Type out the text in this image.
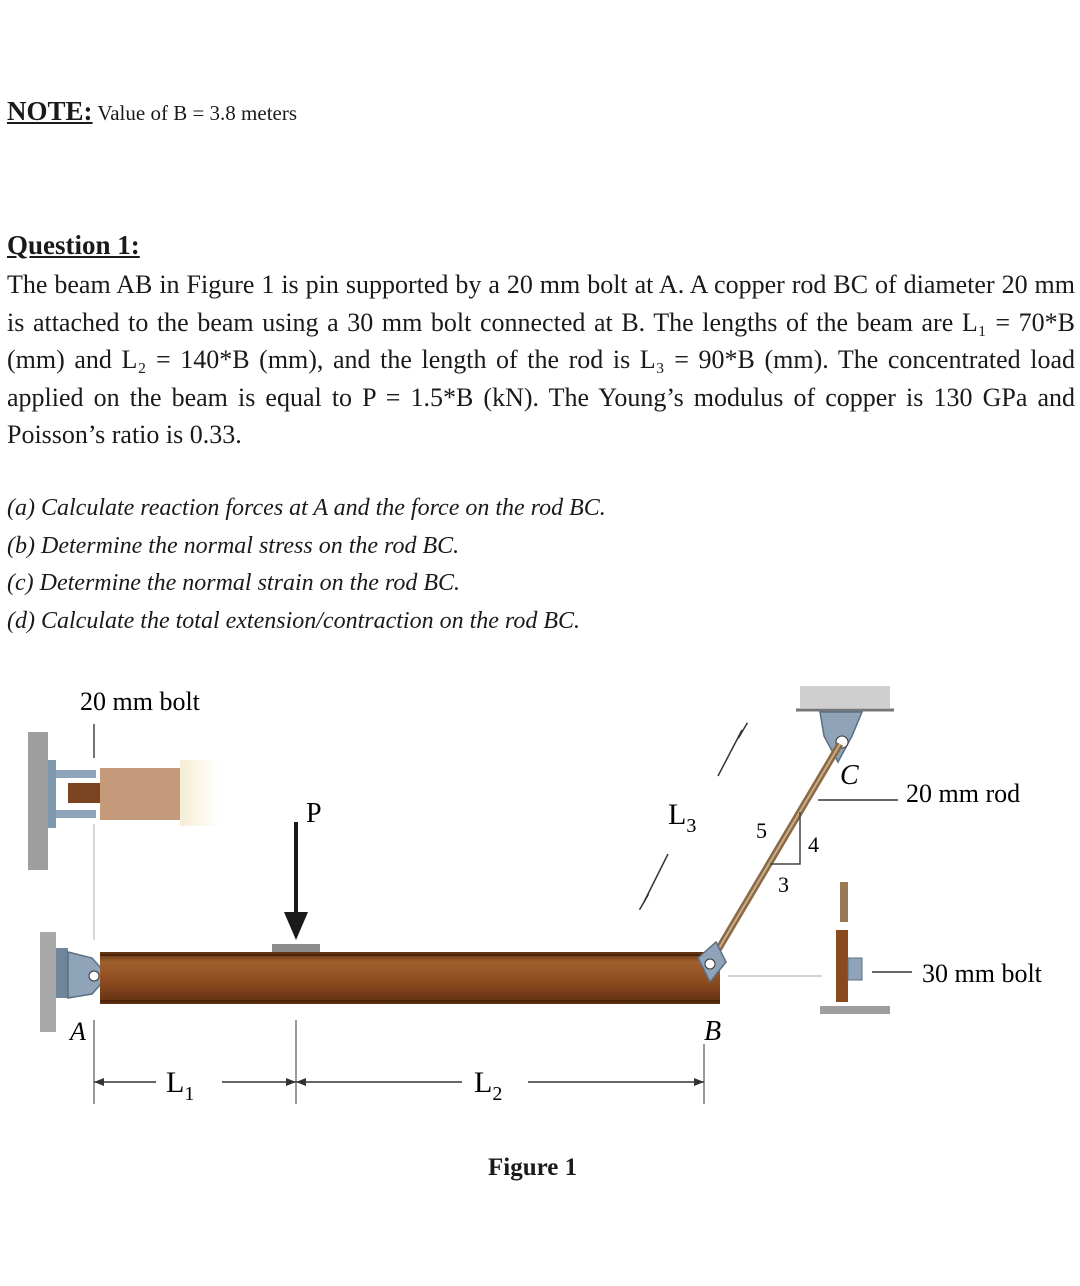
NOTE: Value of B = 3.8 meters
Question 1:
The beam AB in Figure 1 is pin supported by a 20 mm bolt at A. A copper rod BC of diameter 20 mm is attached to the beam using a 30 mm bolt connected at B. The lengths of the beam are L₁ = 70*B (mm) and L₂ = 140*B (mm), and the length of the rod is L₃ = 90*B (mm). The concentrated load applied on the beam is equal to P = 1.5*B (kN). The Young’s modulus of copper is 130 GPa and Poisson’s ratio is 0.33.
(a) Calculate reaction forces at A and the force on the rod BC.
(b) Determine the normal stress on the rod BC.
(c) Determine the normal strain on the rod BC.
(d) Calculate the total extension/contraction on the rod BC.
20 mm bolt
P
C
5
4
3
20 mm rod
$L_3$
30 mm bolt
A	B
$L_1$	$L_2$
Figure 1
